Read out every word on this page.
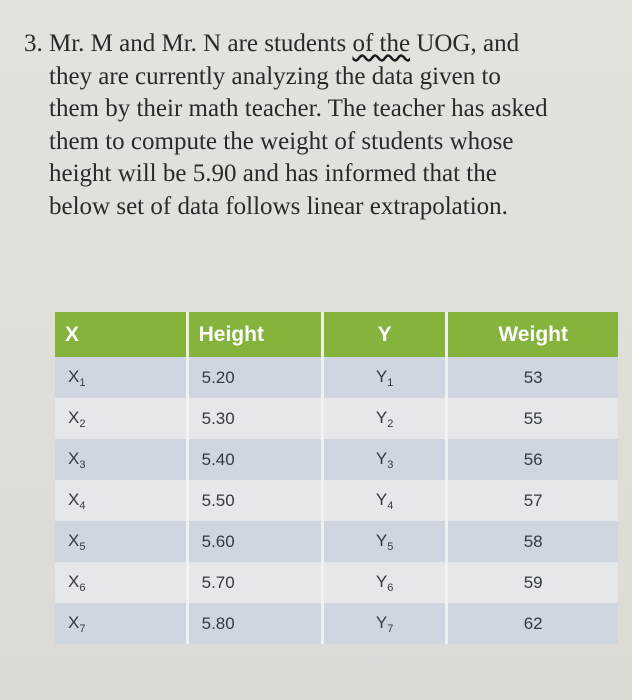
3. Mr. M and Mr. N are students of the UOG, and
they are currently analyzing the data given to
them by their math teacher. The teacher has asked
them to compute the weight of students whose
height will be 5.90 and has informed that the
below set of data follows linear extrapolation.
X	Height	Y	Weight
$X_1$	5.20	$Y_1$	53
$X_2$	5.30	$Y_2$	55
$X_3$	5.40	$Y_3$	56
$X_4$	5.50	$Y_4$	57
$X_5$	5.60	$Y_5$	58
$X_6$	5.70	$Y_6$	59
$X_7$	5.80	$Y_7$	62
